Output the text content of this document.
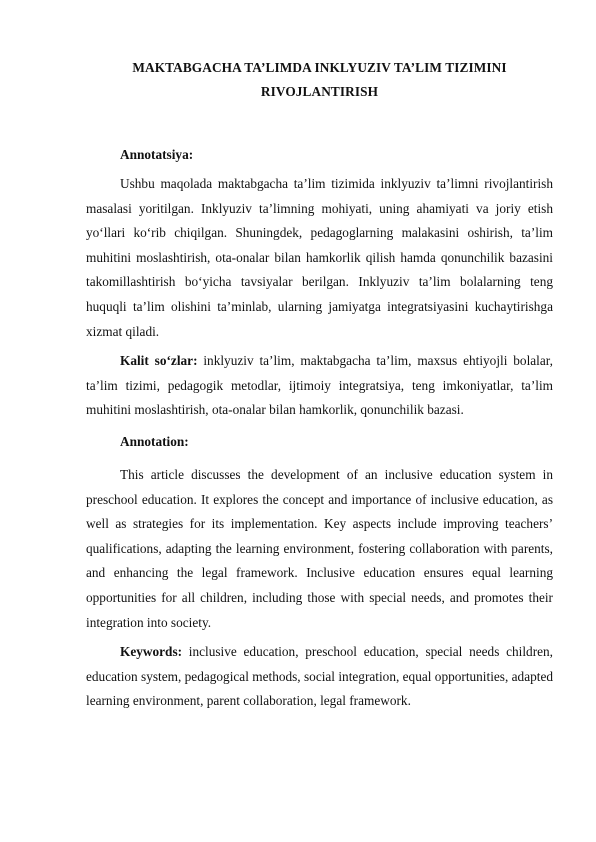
MAKTABGACHA TA’LIMDA INKLYUZIV TA’LIM TIZIMINI
RIVOJLANTIRISH
Annotatsiya:
Ushbu maqolada maktabgacha ta’lim tizimida inklyuziv ta’limni rivojlantirish masalasi yoritilgan. Inklyuziv ta’limning mohiyati, uning ahamiyati va joriy etish yo‘llari ko‘rib chiqilgan. Shuningdek, pedagoglarning malakasini oshirish, ta’lim muhitini moslashtirish, ota-onalar bilan hamkorlik qilish hamda qonunchilik bazasini takomillashtirish bo‘yicha tavsiyalar berilgan. Inklyuziv ta’lim bolalarning teng huquqli ta’lim olishini ta’minlab, ularning jamiyatga integratsiyasini kuchaytirishga xizmat qiladi.
Kalit so‘zlar: inklyuziv ta’lim, maktabgacha ta’lim, maxsus ehtiyojli bolalar, ta’lim tizimi, pedagogik metodlar, ijtimoiy integratsiya, teng imkoniyatlar, ta’lim muhitini moslashtirish, ota-onalar bilan hamkorlik, qonunchilik bazasi.
Annotation:
This article discusses the development of an inclusive education system in preschool education. It explores the concept and importance of inclusive education, as well as strategies for its implementation. Key aspects include improving teachers’ qualifications, adapting the learning environment, fostering collaboration with parents, and enhancing the legal framework. Inclusive education ensures equal learning opportunities for all children, including those with special needs, and promotes their integration into society.
Keywords: inclusive education, preschool education, special needs children, education system, pedagogical methods, social integration, equal opportunities, adapted learning environment, parent collaboration, legal framework.
